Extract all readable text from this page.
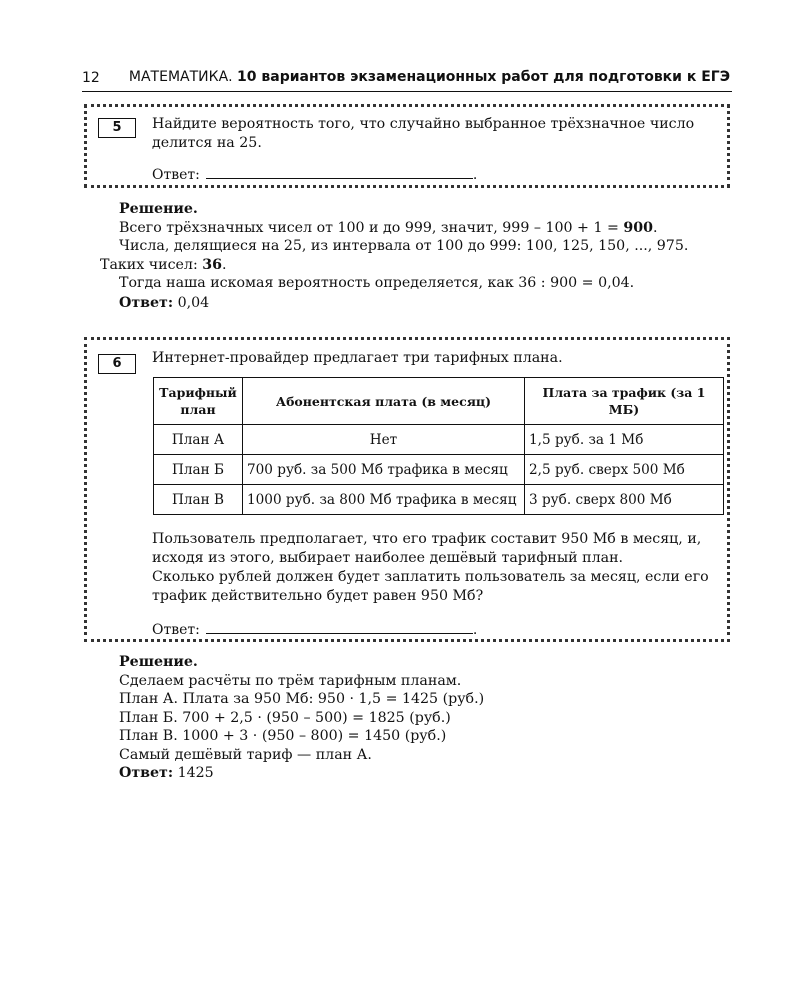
12 МАТЕМАТИКА. 10 вариантов экзаменационных работ для подготовки к ЕГЭ
5	Найдите вероятность того, что случайно выбранное трёхзначное число делится на 25.
Ответ:	.

Решение.

Всего трёхзначных чисел от 100 и до 999, значит, 999 – 100 + 1 = 900.

Числа, делящиеся на 25, из интервала от 100 до 999: 100, 125, 150, ..., 975. Таких чисел: 36.

Тогда наша искомая вероятность определяется, как 36 : 900 = 0,04.

Ответ: 0,04
6	Интернет-провайдер предлагает три тарифных плана.
Тарифный план	Абонентская плата (в месяц)	Плата за трафик (за 1 МБ)
План А	Нет	1,5 руб. за 1 Мб
План Б	700 руб. за 500 Мб трафика в месяц	2,5 руб. сверх 500 Мб
План В	1000 руб. за 800 Мб трафика в месяц	3 руб. сверх 800 Мб
Пользователь предполагает, что его трафик составит 950 Мб в месяц, и, исходя из этого, выбирает наиболее дешёвый тарифный план.
Сколько рублей должен будет заплатить пользователь за месяц, если его трафик действительно будет равен 950 Мб?
Ответ:	.

Решение.

Сделаем расчёты по трём тарифным планам.

План А. Плата за 950 Мб: 950 · 1,5 = 1425 (руб.)

План Б. 700 + 2,5 · (950 – 500) = 1825 (руб.)

План В. 1000 + 3 · (950 – 800) = 1450 (руб.)

Самый дешёвый тариф — план А.

Ответ: 1425
